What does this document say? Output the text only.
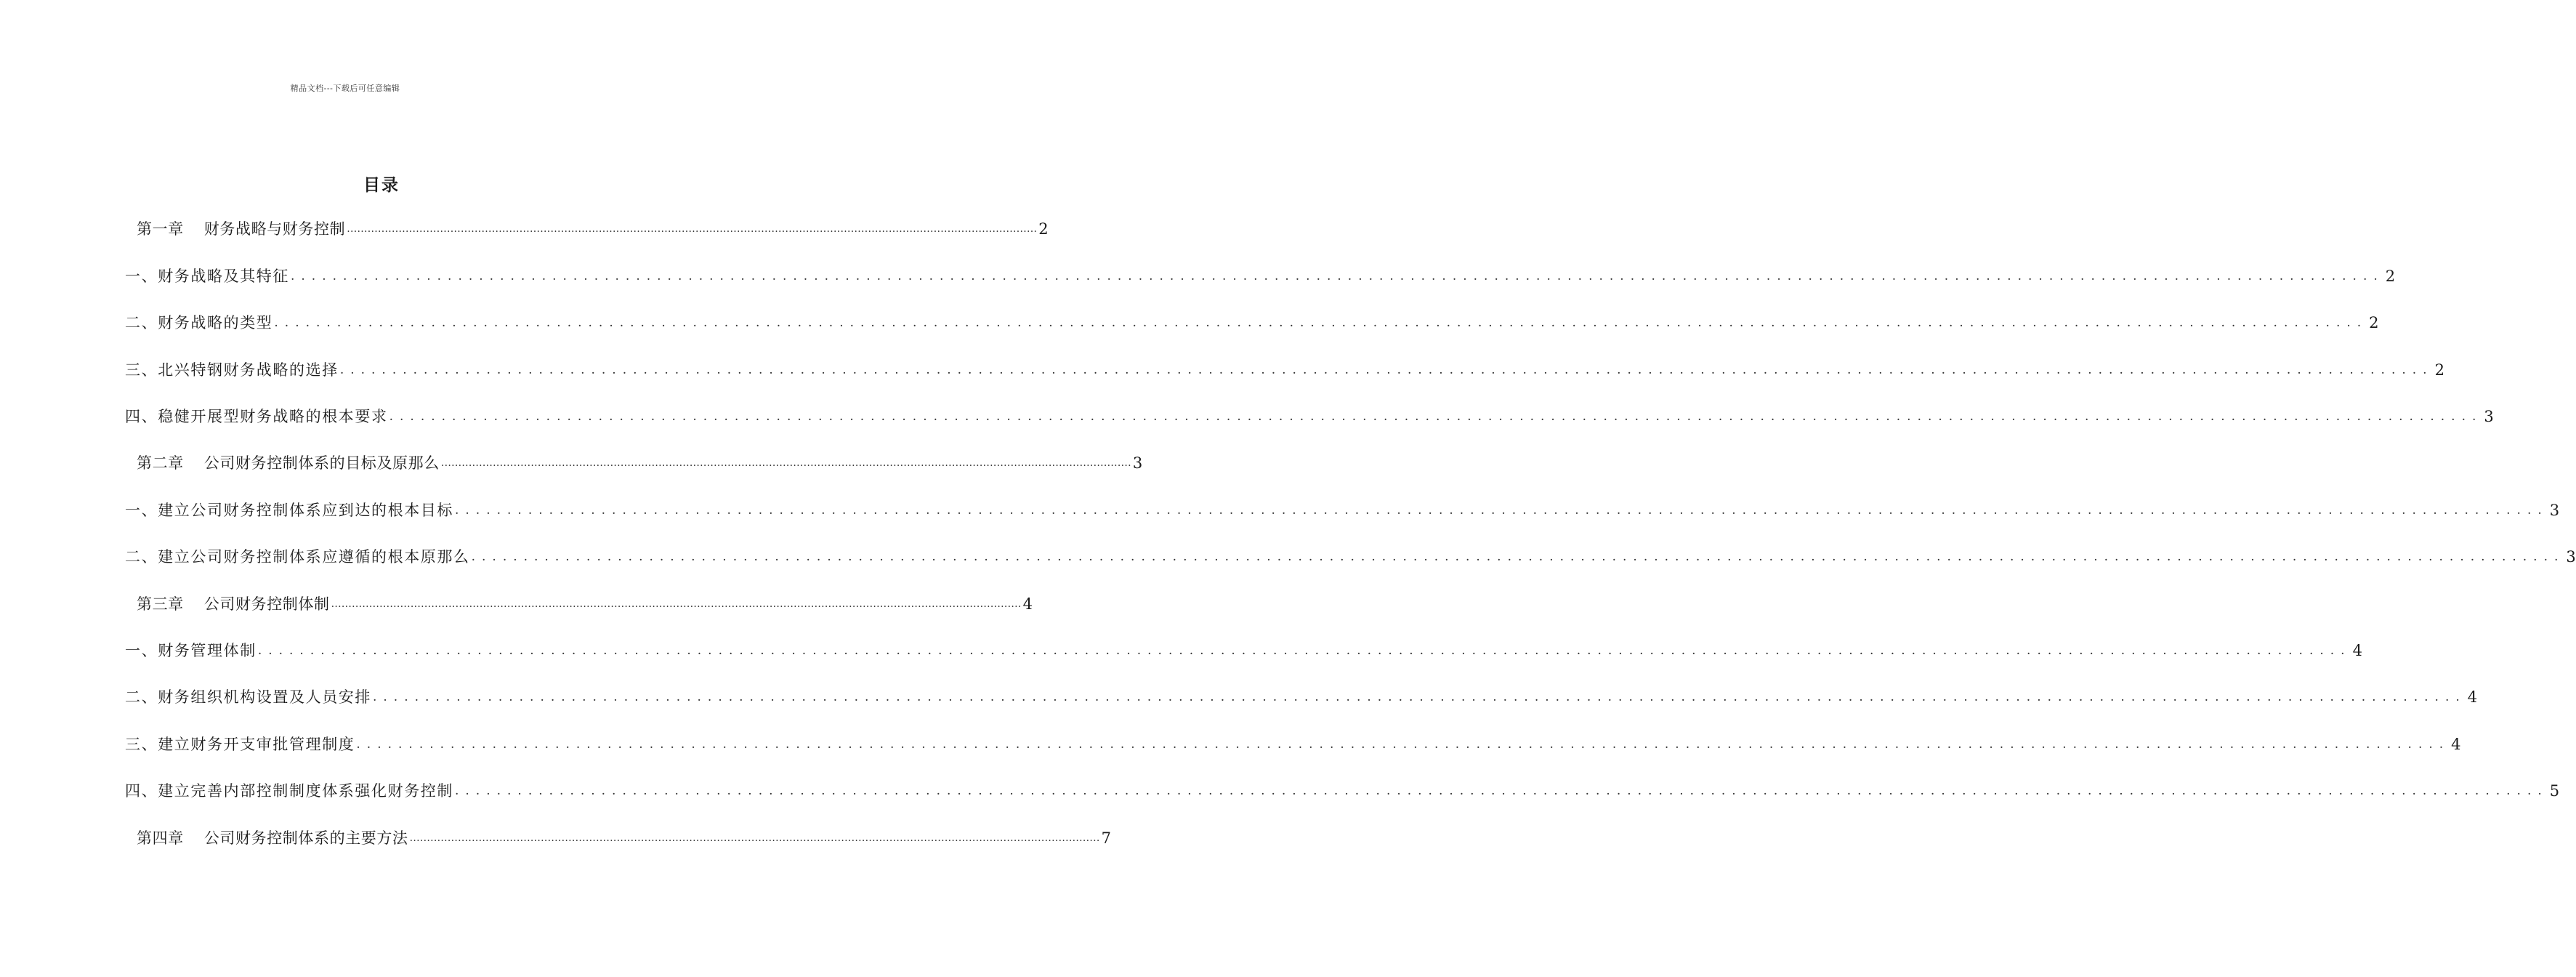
精品文档---下载后可任意编辑
目录
第一章 财务战略与财务控制 ........................................................................................................................................................................................................ 2
一、财务战略及其特征 ........................................................................................................................................................................................................ 2
二、财务战略的类型 ........................................................................................................................................................................................................ 2
三、北兴特钢财务战略的选择 ........................................................................................................................................................................................................ 2
四、稳健开展型财务战略的根本要求 ........................................................................................................................................................................................................ 3
第二章 公司财务控制体系的目标及原那么 ........................................................................................................................................................................................................ 3
一、建立公司财务控制体系应到达的根本目标 ........................................................................................................................................................................................................ 3
二、建立公司财务控制体系应遵循的根本原那么 ........................................................................................................................................................................................................ 3
第三章 公司财务控制体制 ........................................................................................................................................................................................................ 4
一、财务管理体制 ........................................................................................................................................................................................................ 4
二、财务组织机构设置及人员安排 ........................................................................................................................................................................................................ 4
三、建立财务开支审批管理制度 ........................................................................................................................................................................................................ 4
四、建立完善内部控制制度体系强化财务控制 ........................................................................................................................................................................................................ 5
第四章 公司财务控制体系的主要方法 ........................................................................................................................................................................................................ 7
